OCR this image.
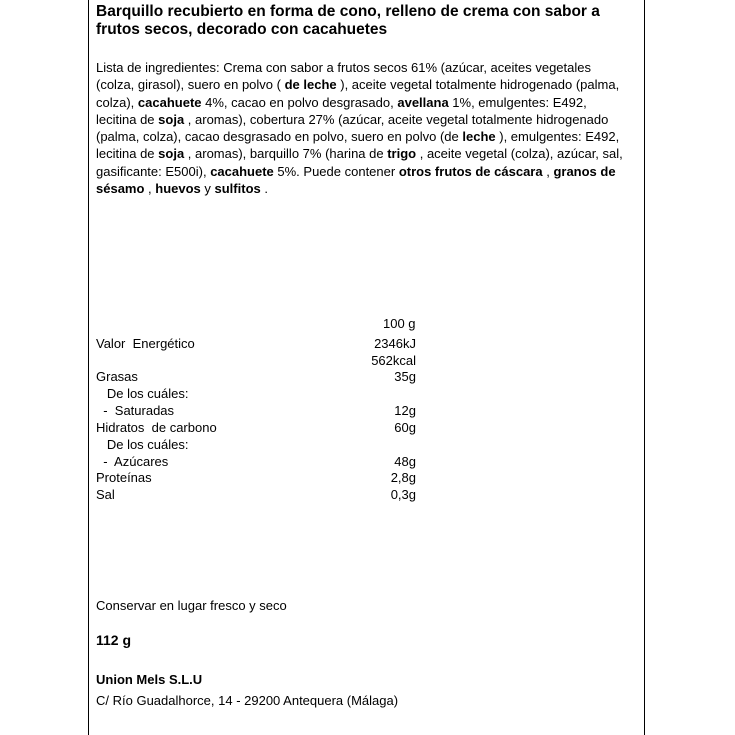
Barquillo recubierto en forma de cono, relleno de crema con sabor a frutos secos, decorado con cacahuetes

Lista de ingredientes: Crema con sabor a frutos secos 61% (azúcar, aceites vegetales (colza, girasol), suero en polvo ( de leche ), aceite vegetal totalmente hidrogenado (palma, colza), cacahuete 4%, cacao en polvo desgrasado, avellana 1%, emulgentes: E492, lecitina de soja , aromas), cobertura 27% (azúcar, aceite vegetal totalmente hidrogenado (palma, colza), cacao desgrasado en polvo, suero en polvo (de leche ), emulgentes: E492, lecitina de soja , aromas), barquillo 7% (harina de trigo , aceite vegetal (colza), azúcar, sal, gasificante: E500i), cacahuete 5%. Puede contener otros frutos de cáscara , granos de sésamo , huevos y sulfitos .

100 g
Valor  Energético	2346kJ
562kcal
Grasas	35g
De los cuáles:
-  Saturadas	12g
Hidratos  de carbono	60g
De los cuáles:
-  Azúcares	48g
Proteínas	2,8g
Sal	0,3g
Conservar en lugar fresco y seco
112 g
Union Mels S.L.U
C/ Río Guadalhorce, 14 - 29200 Antequera (Málaga)
